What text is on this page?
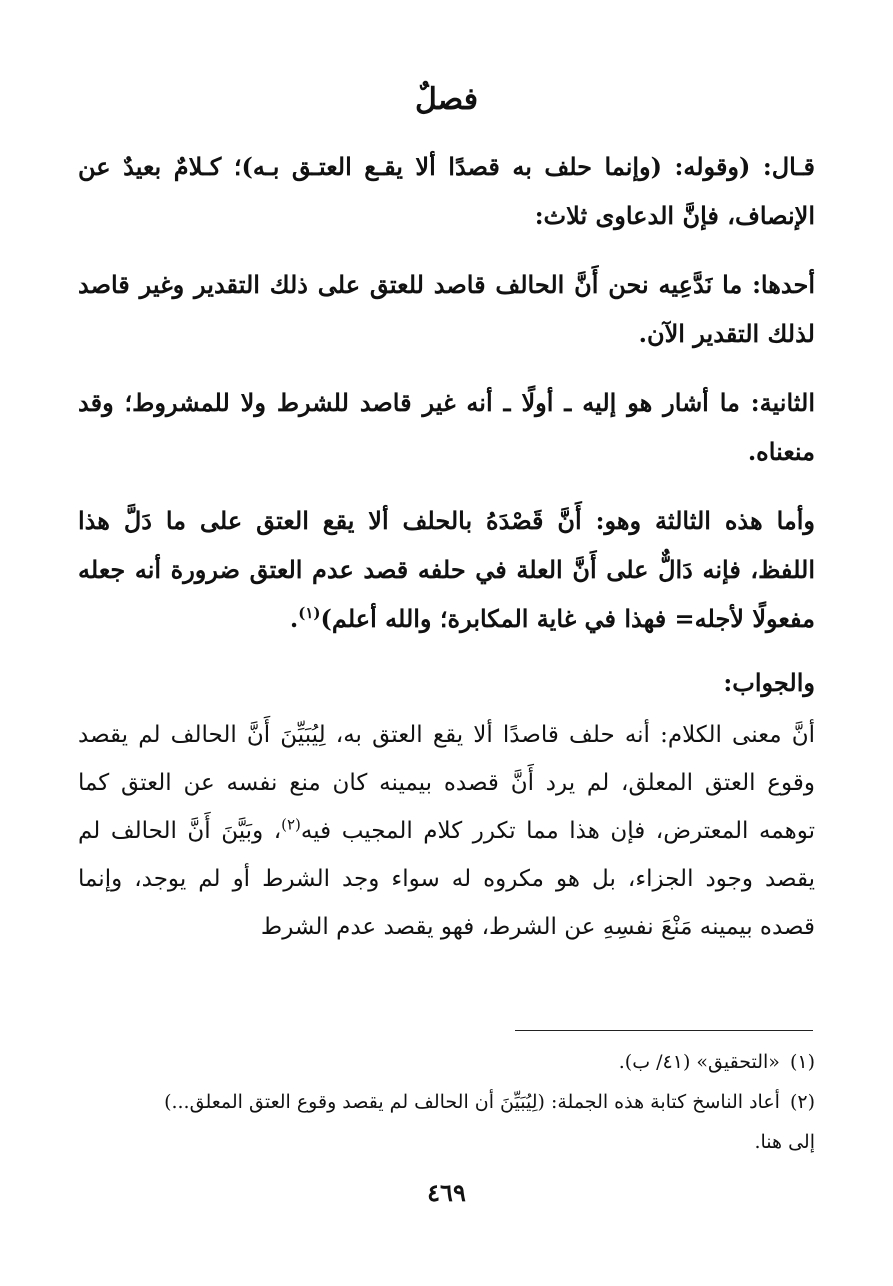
فصلٌ

قـال: (وقوله: (وإنما حلف به قصدًا ألا يقـع العتـق بـه)؛ كـلامٌ بعيدٌ عن الإنصاف، فإنَّ الدعاوى ثلاث:

أحدها: ما نَدَّعِيه نحن أَنَّ الحالف قاصد للعتق على ذلك التقدير وغير قاصد لذلك التقدير الآن.

الثانية: ما أشار هو إليه ـ أولًا ـ أنه غير قاصد للشرط ولا للمشروط؛ وقد منعناه.

وأما هذه الثالثة وهو: أَنَّ قَصْدَهُ بالحلف ألا يقع العتق على ما دَلَّ هذا اللفظ، فإنه دَالٌّ على أَنَّ العلة في حلفه قصد عدم العتق ضرورة أنه جعله مفعولًا لأجله= فهذا في غاية المكابرة؛ والله أعلم)$^{(١)}$.

والجواب:

أنَّ معنى الكلام: أنه حلف قاصدًا ألا يقع العتق به، لِيُبَيِّنَ أَنَّ الحالف لم يقصد وقوع العتق المعلق، لم يرد أَنَّ قصده بيمينه كان منع نفسه عن العتق كما توهمه المعترض، فإن هذا مما تكرر كلام المجيب فيه$^{(٢)}$، وبَيَّنَ أَنَّ الحالف لم يقصد وجود الجزاء، بل هو مكروه له سواء وجد الشرط أو لم يوجد، وإنما قصده بيمينه مَنْعَ نفسِهِ عن الشرط، فهو يقصد عدم الشرط

(١)«التحقيق» (٤١/ ب).

(٢)أعاد الناسخ كتابة هذه الجملة: (لِيُبَيِّنَ أن الحالف لم يقصد وقوع العتق المعلق...)

إلى هنا.

٤٦٩
